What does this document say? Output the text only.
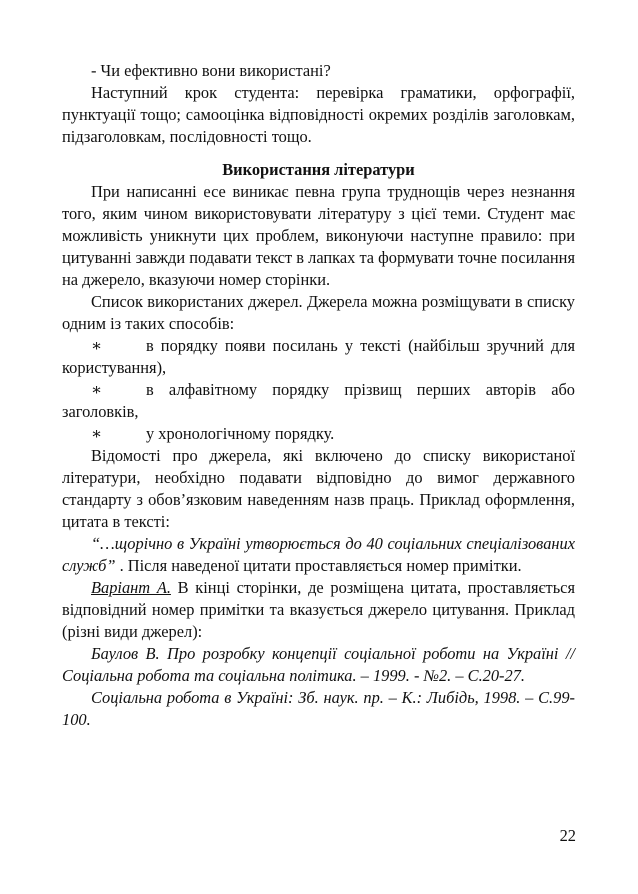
- Чи ефективно вони використані?

Наступний крок студента: перевірка граматики, орфографії, пунктуації тощо; самооцінка відповідності окремих розділів заголовкам, підзаголовкам, послідовності тощо.

Використання літератури

При написанні есе виникає певна група труднощів через незнання того, яким чином використовувати літературу з цієї теми. Студент має можливість уникнути цих проблем, виконуючи наступне правило: при цитуванні завжди подавати текст в лапках та формувати точне посилання на джерело, вказуючи номер сторінки.

Список використаних джерел. Джерела можна розміщувати в списку одним із таких способів:

∗	в порядку появи посилань у тексті (найбільш зручний для користування),

∗	в алфавітному порядку прізвищ перших авторів або заголовків,

∗	у хронологічному порядку.

Відомості про джерела, які включено до списку використаної літератури, необхідно подавати відповідно до вимог державного стандарту з обов’язковим наведенням назв праць. Приклад оформлення, цитата в тексті:

“…щорічно в Україні утворюється до 40 соціальних спеціалізованих служб” . Після наведеної цитати проставляється номер примітки.

Варіант А. В кінці сторінки, де розміщена цитата, проставляється відповідний номер примітки та вказується джерело цитування. Приклад (різні види джерел):

Баулов В. Про розробку концепції соціальної роботи на Україні // Соціальна робота та соціальна політика. – 1999. - №2. – С.20-27.

Соціальна робота в Україні: Зб. наук. пр. – К.: Либідь, 1998. – С.99-100.

22
